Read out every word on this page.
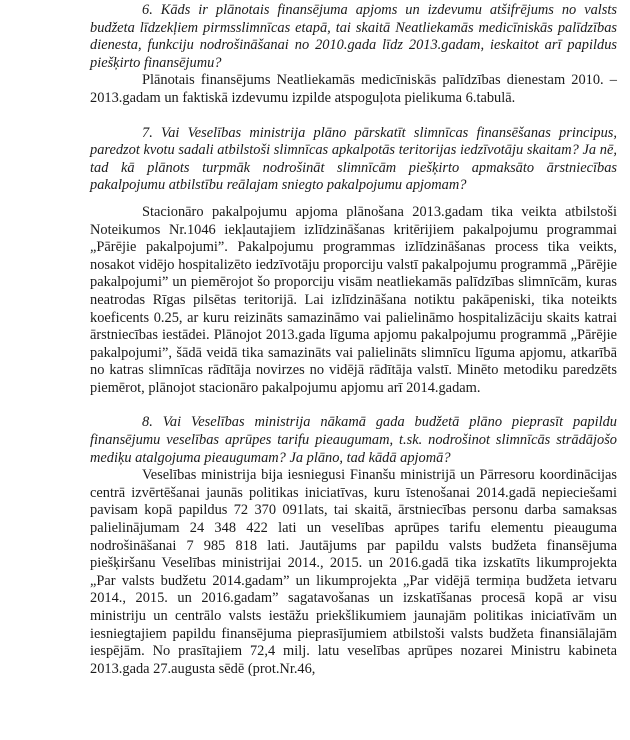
6. Kāds ir plānotais finansējuma apjoms un izdevumu atšifrējums no valsts budžeta līdzekļiem pirmsslimnīcas etapā, tai skaitā Neatliekamās medicīniskās palīdzības dienesta, funkciju nodrošināšanai no 2010.gada līdz 2013.gadam, ieskaitot arī papildus piešķirto finansējumu?

Plānotais finansējums Neatliekamās medicīniskās palīdzības dienestam 2010. – 2013.gadam un faktiskā izdevumu izpilde atspoguļota pielikuma 6.tabulā.

7. Vai Veselības ministrija plāno pārskatīt slimnīcas finansēšanas principus, paredzot kvotu sadali atbilstoši slimnīcas apkalpotās teritorijas iedzīvotāju skaitam? Ja nē, tad kā plānots turpmāk nodrošināt slimnīcām piešķirto apmaksāto ārstniecības pakalpojumu atbilstību reālajam sniegto pakalpojumu apjomam?

Stacionāro pakalpojumu apjoma plānošana 2013.gadam tika veikta atbilstoši Noteikumos Nr.1046 iekļautajiem izlīdzināšanas kritērijiem pakalpojumu programmai „Pārējie pakalpojumi”. Pakalpojumu programmas izlīdzināšanas process tika veikts, nosakot vidējo hospitalizēto iedzīvotāju proporciju valstī pakalpojumu programmā „Pārējie pakalpojumi” un piemērojot šo proporciju visām neatliekamās palīdzības slimnīcām, kuras neatrodas Rīgas pilsētas teritorijā. Lai izlīdzināšana notiktu pakāpeniski, tika noteikts koeficents 0.25, ar kuru reizināts samazināmo vai palielināmo hospitalizāciju skaits katrai ārstniecības iestādei. Plānojot 2013.gada līguma apjomu pakalpojumu programmā „Pārējie pakalpojumi”, šādā veidā tika samazināts vai palielināts slimnīcu līguma apjomu, atkarībā no katras slimnīcas rādītāja novirzes no vidējā rādītāja valstī. Minēto metodiku paredzēts piemērot, plānojot stacionāro pakalpojumu apjomu arī 2014.gadam.

8. Vai Veselības ministrija nākamā gada budžetā plāno pieprasīt papildu finansējumu veselības aprūpes tarifu pieaugumam, t.sk. nodrošinot slimnīcās strādājošo mediķu atalgojuma pieaugumam? Ja plāno, tad kādā apjomā?

Veselības ministrija bija iesniegusi Finanšu ministrijā un Pārresoru koordinācijas centrā izvērtēšanai jaunās politikas iniciatīvas, kuru īstenošanai 2014.gadā nepieciešami pavisam kopā papildus 72 370 091lats, tai skaitā, ārstniecības personu darba samaksas palielinājumam 24 348 422 lati un veselības aprūpes tarifu elementu pieauguma nodrošināšanai 7 985 818 lati. Jautājums par papildu valsts budžeta finansējuma piešķiršanu Veselības ministrijai 2014., 2015. un 2016.gadā tika izskatīts likumprojekta „Par valsts budžetu 2014.gadam” un likumprojekta „Par vidējā termiņa budžeta ietvaru 2014., 2015. un 2016.gadam” sagatavošanas un izskatīšanas procesā kopā ar visu ministriju un centrālo valsts iestāžu priekšlikumiem jaunajām politikas iniciatīvām un iesniegtajiem papildu finansējuma pieprasījumiem atbilstoši valsts budžeta finansiālajām iespējām. No prasītajiem 72,4 milj. latu veselības aprūpes nozarei Ministru kabineta 2013.gada 27.augusta sēdē (prot.Nr.46,
